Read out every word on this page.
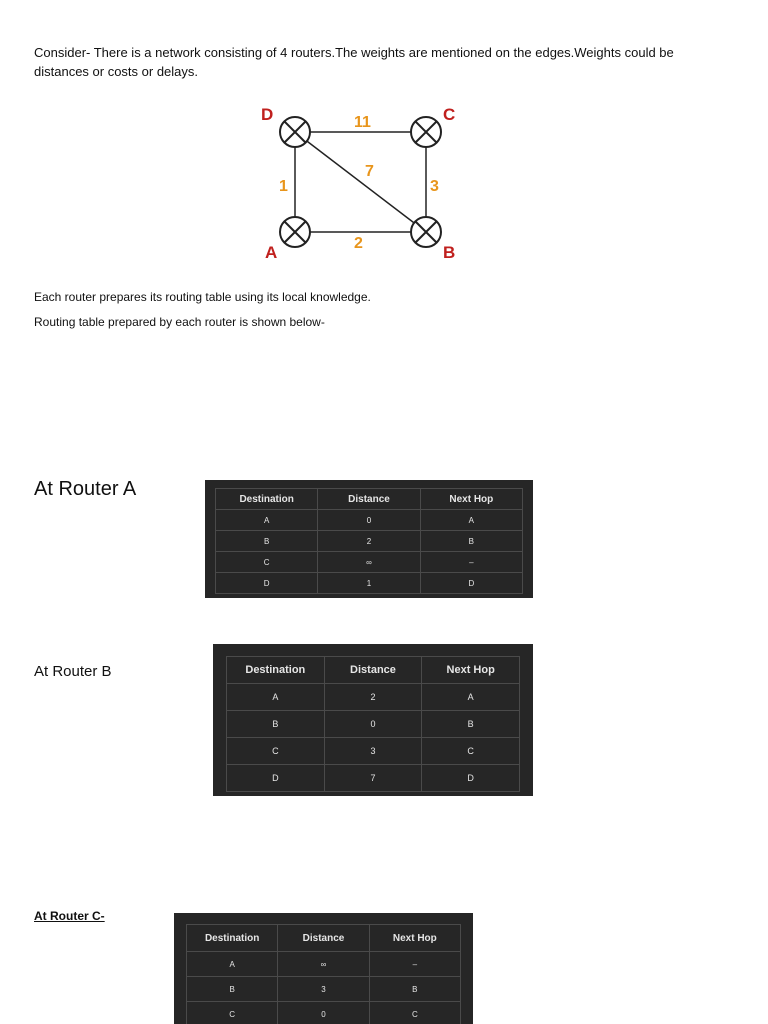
Consider- There is a network consisting of 4 routers.The weights are mentioned on the edges.Weights could be distances or costs or delays.
D	C
A	B
11
7
1	3
2
Each router prepares its routing table using its local knowledge.
Routing table prepared by each router is shown below-
At Router A	Destination	Distance	Next Hop
A	0	A
B	2	B
C	∞	–
D	1	D
At Router B	Destination	Distance	Next Hop
A	2	A
B	0	B
C	3	C
D	7	D
At Router C-
Destination	Distance	Next Hop
A	∞	–
B	3	B
C	0	C
